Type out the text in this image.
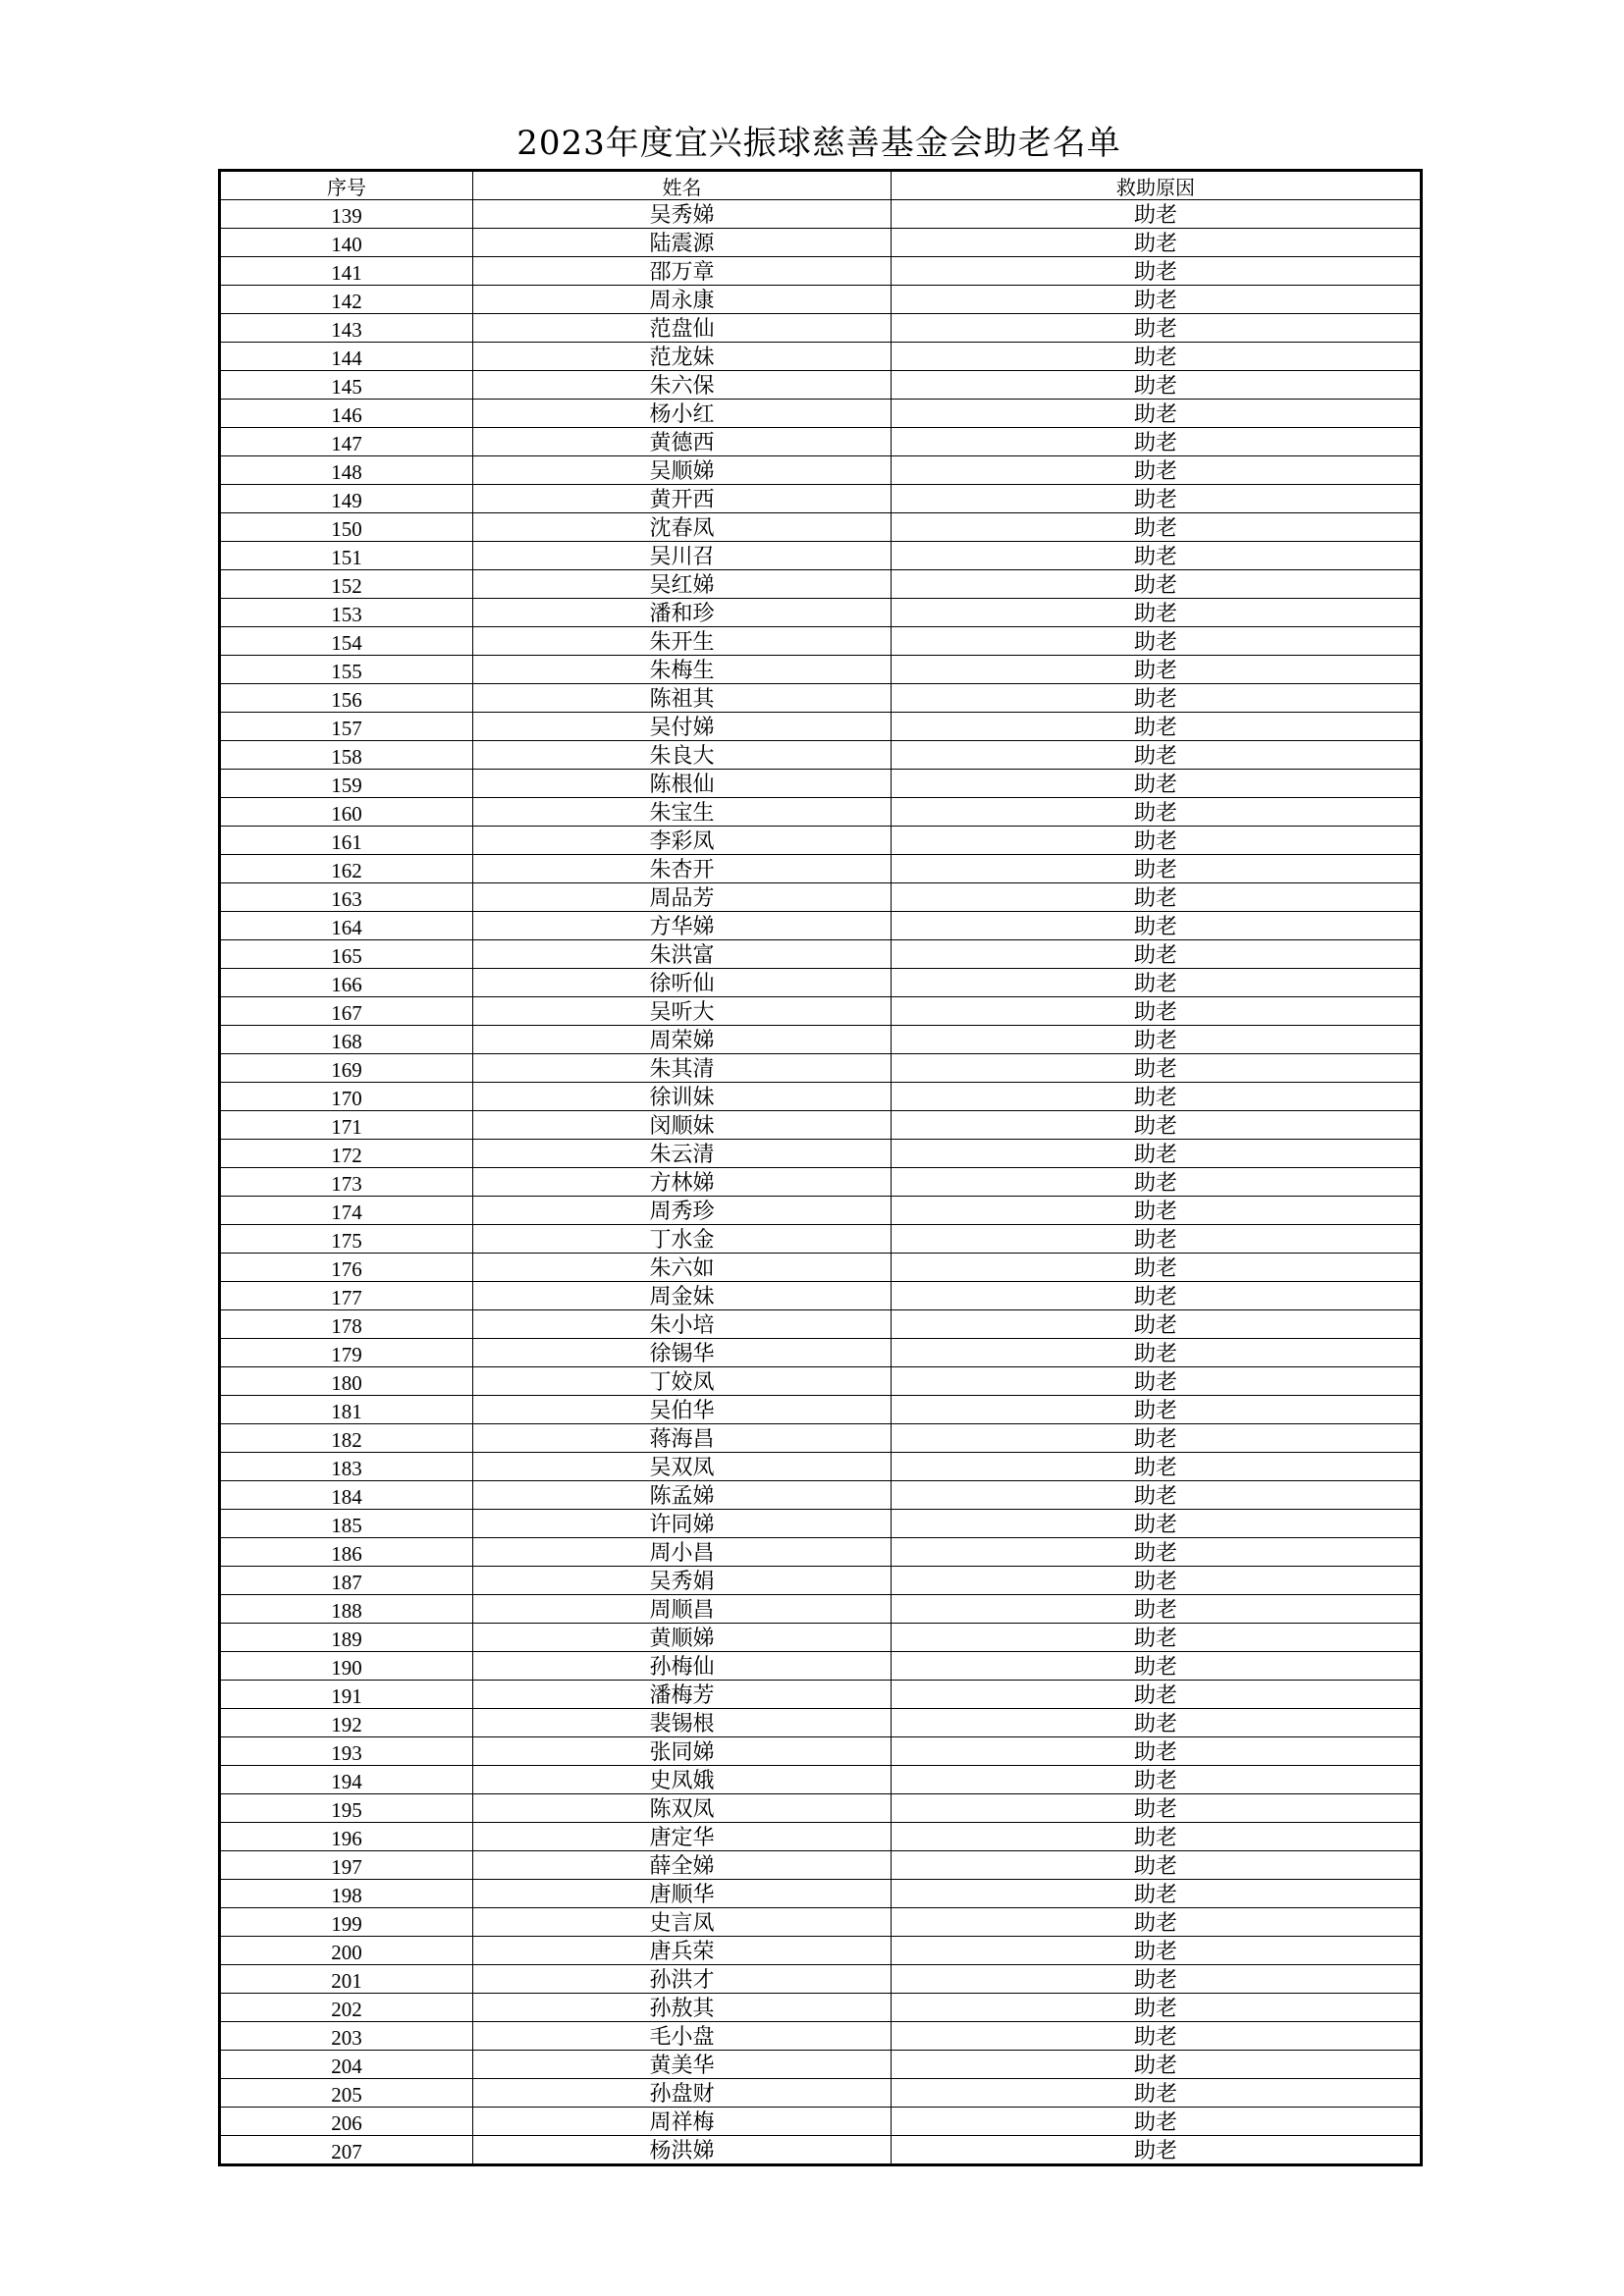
2023年度宜兴振球慈善基金会助老名单
序号	姓名	救助原因
139	吴秀娣	助老
140	陆震源	助老
141	邵万章	助老
142	周永康	助老
143	范盘仙	助老
144	范龙妹	助老
145	朱六保	助老
146	杨小红	助老
147	黄德西	助老
148	吴顺娣	助老
149	黄开西	助老
150	沈春凤	助老
151	吴川召	助老
152	吴红娣	助老
153	潘和珍	助老
154	朱开生	助老
155	朱梅生	助老
156	陈祖其	助老
157	吴付娣	助老
158	朱良大	助老
159	陈根仙	助老
160	朱宝生	助老
161	李彩凤	助老
162	朱杏开	助老
163	周品芳	助老
164	方华娣	助老
165	朱洪富	助老
166	徐听仙	助老
167	吴听大	助老
168	周荣娣	助老
169	朱其清	助老
170	徐训妹	助老
171	闵顺妹	助老
172	朱云清	助老
173	方林娣	助老
174	周秀珍	助老
175	丁水金	助老
176	朱六如	助老
177	周金妹	助老
178	朱小培	助老
179	徐锡华	助老
180	丁姣凤	助老
181	吴伯华	助老
182	蒋海昌	助老
183	吴双凤	助老
184	陈孟娣	助老
185	许同娣	助老
186	周小昌	助老
187	吴秀娟	助老
188	周顺昌	助老
189	黄顺娣	助老
190	孙梅仙	助老
191	潘梅芳	助老
192	裴锡根	助老
193	张同娣	助老
194	史凤娥	助老
195	陈双凤	助老
196	唐定华	助老
197	薛全娣	助老
198	唐顺华	助老
199	史言凤	助老
200	唐兵荣	助老
201	孙洪才	助老
202	孙敖其	助老
203	毛小盘	助老
204	黄美华	助老
205	孙盘财	助老
206	周祥梅	助老
207	杨洪娣	助老
